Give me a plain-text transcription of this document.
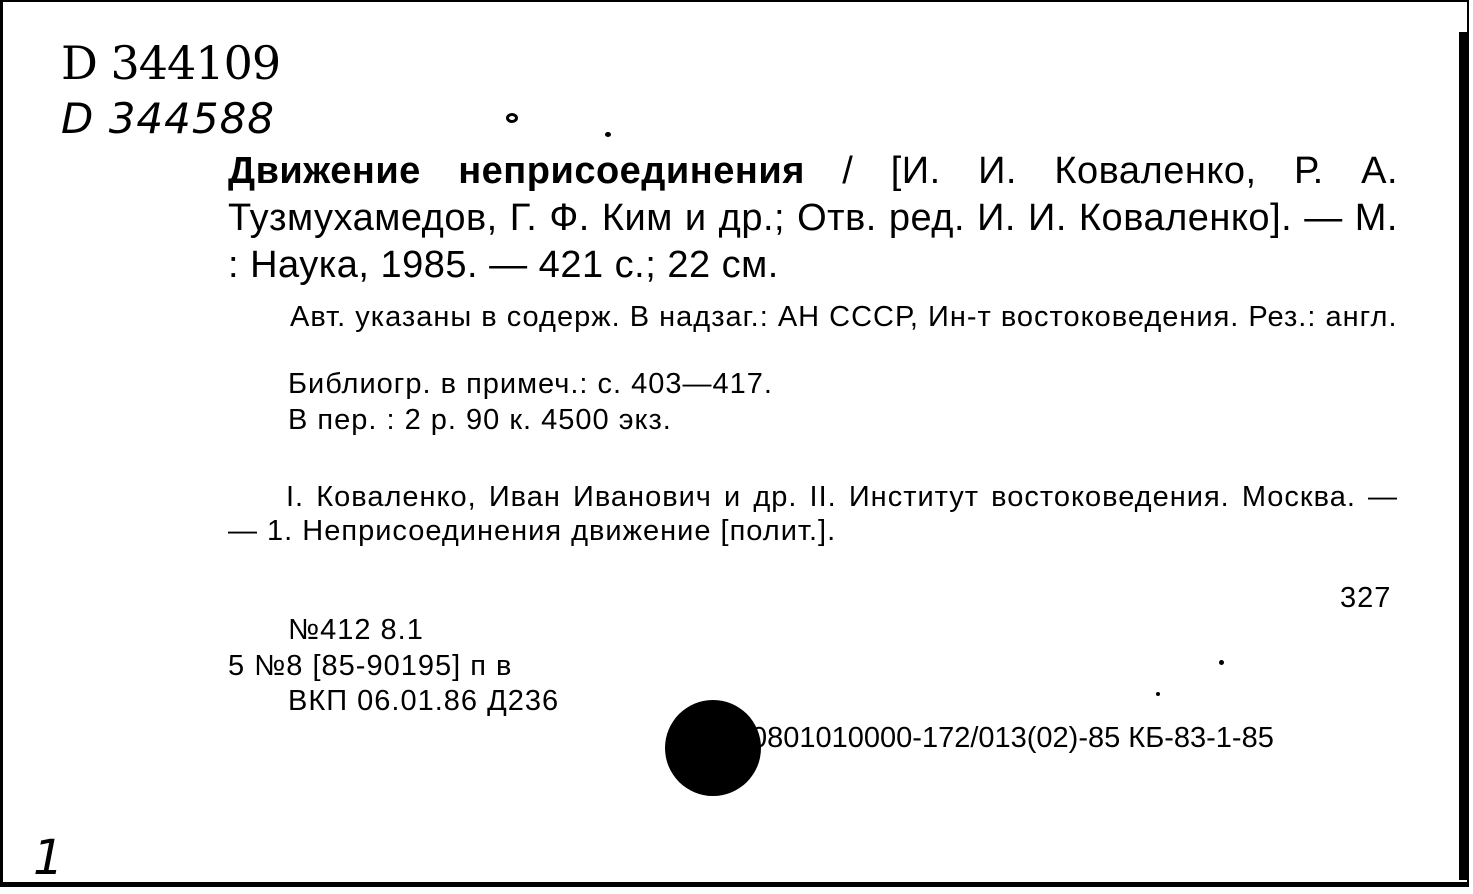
D 344109
D 344588
Движение неприсоединения / [И. И. Коваленко, Р. А. Тузмухамедов, Г. Ф. Ким и др.; Отв. ред. И. И. Коваленко]. — М. : Наука, 1985. — 421 с.; 22 см.
Авт. указаны в содерж. В надзаг.: АН СССР, Ин-т востоковедения. Рез.: англ.
Библиогр. в примеч.: с. 403—417.
В пер. : 2 р. 90 к. 4500 экз.
I. Коваленко, Иван Иванович и др. II. Институт востоковедения. Москва. — — 1. Неприсоединения движение [полит.].
327
№412 8.1
5 №8 [85-90195] п в
ВКП 06.01.86 Д236
0801010000-172/013(02)-85 КБ-83-1-85
1
